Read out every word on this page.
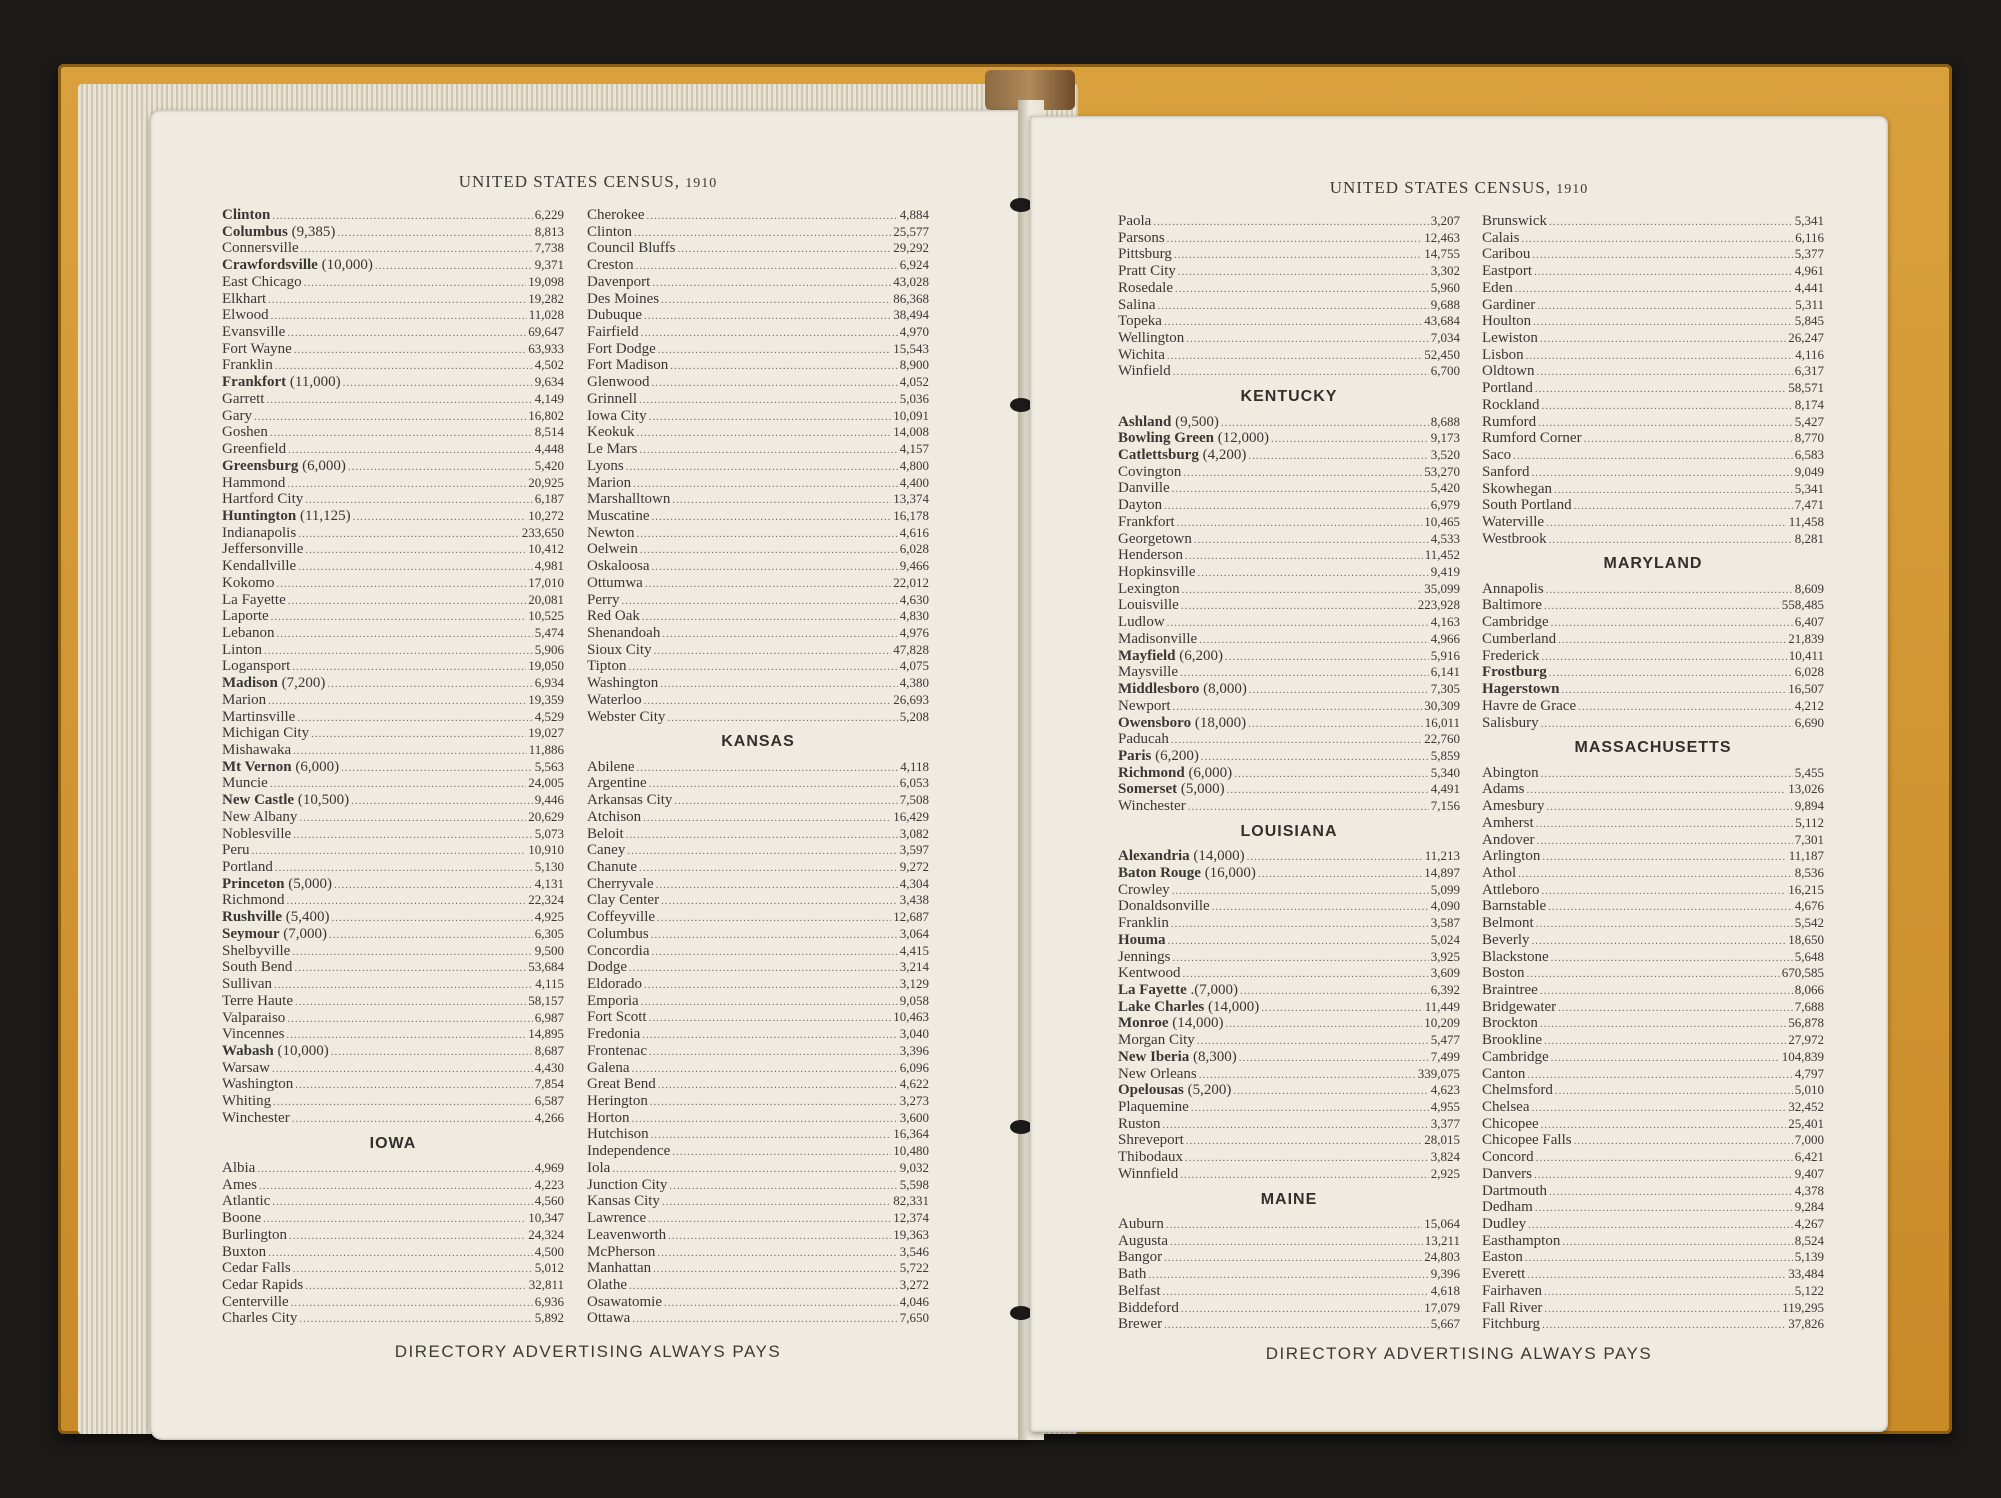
UNITED STATES CENSUS, 1910
Clinton .....	6,229
Columbus (9,385) .....	8,813
Connersville .....	7,738
Crawfordsville (10,000) .....	9,371
East Chicago .....	19,098
Elkhart .....	19,282
Elwood .....	11,028
Evansville .....	69,647
Fort Wayne .....	63,933
Franklin .....	4,502
Frankfort (11,000) .....	9,634
Garrett .....	4,149
Gary .....	16,802
Goshen .....	8,514
Greenfield .....	4,448
Greensburg (6,000) .....	5,420
Hammond .....	20,925
Hartford City .....	6,187
Huntington (11,125) .....	10,272
Indianapolis .....	233,650
Jeffersonville .....	10,412
Kendallville .....	4,981
Kokomo .....	17,010
La Fayette .....	20,081
Laporte .....	10,525
Lebanon .....	5,474
Linton .....	5,906
Logansport .....	19,050
Madison (7,200) .....	6,934
Marion .....	19,359
Martinsville .....	4,529
Michigan City .....	19,027
Mishawaka .....	11,886
Mt Vernon (6,000) .....	5,563
Muncie .....	24,005
New Castle (10,500) .....	9,446
New Albany .....	20,629
Noblesville .....	5,073
Peru .....	10,910
Portland .....	5,130
Princeton (5,000) .....	4,131
Richmond .....	22,324
Rushville (5,400) .....	4,925
Seymour (7,000) .....	6,305
Shelbyville .....	9,500
South Bend .....	53,684
Sullivan .....	4,115
Terre Haute .....	58,157
Valparaiso .....	6,987
Vincennes .....	14,895
Wabash (10,000) .....	8,687
Warsaw .....	4,430
Washington .....	7,854
Whiting .....	6,587
Winchester .....	4,266
IOWA
Albia .....	4,969
Ames .....	4,223
Atlantic .....	4,560
Boone .....	10,347
Burlington .....	24,324
Buxton .....	4,500
Cedar Falls .....	5,012
Cedar Rapids .....	32,811
Centerville .....	6,936
Charles City .....	5,892
Cherokee .....	4,884
Clinton .....	25,577
Council Bluffs .....	29,292
Creston .....	6,924
Davenport .....	43,028
Des Moines .....	86,368
Dubuque .....	38,494
Fairfield .....	4,970
Fort Dodge .....	15,543
Fort Madison .....	8,900
Glenwood .....	4,052
Grinnell .....	5,036
Iowa City .....	10,091
Keokuk .....	14,008
Le Mars .....	4,157
Lyons .....	4,800
Marion .....	4,400
Marshalltown .....	13,374
Muscatine .....	16,178
Newton .....	4,616
Oelwein .....	6,028
Oskaloosa .....	9,466
Ottumwa .....	22,012
Perry .....	4,630
Red Oak .....	4,830
Shenandoah .....	4,976
Sioux City .....	47,828
Tipton .....	4,075
Washington .....	4,380
Waterloo .....	26,693
Webster City .....	5,208
KANSAS
Abilene .....	4,118
Argentine .....	6,053
Arkansas City .....	7,508
Atchison .....	16,429
Beloit .....	3,082
Caney .....	3,597
Chanute .....	9,272
Cherryvale .....	4,304
Clay Center .....	3,438
Coffeyville .....	12,687
Columbus .....	3,064
Concordia .....	4,415
Dodge .....	3,214
Eldorado .....	3,129
Emporia .....	9,058
Fort Scott .....	10,463
Fredonia .....	3,040
Frontenac .....	3,396
Galena .....	6,096
Great Bend .....	4,622
Herington .....	3,273
Horton .....	3,600
Hutchison .....	16,364
Independence .....	10,480
Iola .....	9,032
Junction City .....	5,598
Kansas City .....	82,331
Lawrence .....	12,374
Leavenworth .....	19,363
McPherson .....	3,546
Manhattan .....	5,722
Olathe .....	3,272
Osawatomie .....	4,046
Ottawa .....	7,650
DIRECTORY ADVERTISING ALWAYS PAYS
UNITED STATES CENSUS, 1910
Paola .....	3,207
Parsons .....	12,463
Pittsburg .....	14,755
Pratt City .....	3,302
Rosedale .....	5,960
Salina .....	9,688
Topeka .....	43,684
Wellington .....	7,034
Wichita .....	52,450
Winfield .....	6,700
KENTUCKY
Ashland (9,500) .....	8,688
Bowling Green (12,000) .....	9,173
Catlettsburg (4,200) .....	3,520
Covington .....	53,270
Danville .....	5,420
Dayton .....	6,979
Frankfort .....	10,465
Georgetown .....	4,533
Henderson .....	11,452
Hopkinsville .....	9,419
Lexington .....	35,099
Louisville .....	223,928
Ludlow .....	4,163
Madisonville .....	4,966
Mayfield (6,200) .....	5,916
Maysville .....	6,141
Middlesboro (8,000) .....	7,305
Newport .....	30,309
Owensboro (18,000) .....	16,011
Paducah .....	22,760
Paris (6,200) .....	5,859
Richmond (6,000) .....	5,340
Somerset (5,000) .....	4,491
Winchester .....	7,156
LOUISIANA
Alexandria (14,000) .....	11,213
Baton Rouge (16,000) .....	14,897
Crowley .....	5,099
Donaldsonville .....	4,090
Franklin .....	3,587
Houma .....	5,024
Jennings .....	3,925
Kentwood .....	3,609
La Fayette .(7,000) .....	6,392
Lake Charles (14,000) .....	11,449
Monroe (14,000) .....	10,209
Morgan City .....	5,477
New Iberia (8,300) .....	7,499
New Orleans .....	339,075
Opelousas (5,200) .....	4,623
Plaquemine .....	4,955
Ruston .....	3,377
Shreveport .....	28,015
Thibodaux .....	3,824
Winnfield .....	2,925
MAINE
Auburn .....	15,064
Augusta .....	13,211
Bangor .....	24,803
Bath .....	9,396
Belfast .....	4,618
Biddeford .....	17,079
Brewer .....	5,667
Brunswick .....	5,341
Calais .....	6,116
Caribou .....	5,377
Eastport .....	4,961
Eden .....	4,441
Gardiner .....	5,311
Houlton .....	5,845
Lewiston .....	26,247
Lisbon .....	4,116
Oldtown .....	6,317
Portland .....	58,571
Rockland .....	8,174
Rumford .....	5,427
Rumford Corner .....	8,770
Saco .....	6,583
Sanford .....	9,049
Skowhegan .....	5,341
South Portland .....	7,471
Waterville .....	11,458
Westbrook .....	8,281
MARYLAND
Annapolis .....	8,609
Baltimore .....	558,485
Cambridge .....	6,407
Cumberland .....	21,839
Frederick .....	10,411
Frostburg .....	6,028
Hagerstown .....	16,507
Havre de Grace .....	4,212
Salisbury .....	6,690
MASSACHUSETTS
Abington .....	5,455
Adams .....	13,026
Amesbury .....	9,894
Amherst .....	5,112
Andover .....	7,301
Arlington .....	11,187
Athol .....	8,536
Attleboro .....	16,215
Barnstable .....	4,676
Belmont .....	5,542
Beverly .....	18,650
Blackstone .....	5,648
Boston .....	670,585
Braintree .....	8,066
Bridgewater .....	7,688
Brockton .....	56,878
Brookline .....	27,972
Cambridge .....	104,839
Canton .....	4,797
Chelmsford .....	5,010
Chelsea .....	32,452
Chicopee .....	25,401
Chicopee Falls .....	7,000
Concord .....	6,421
Danvers .....	9,407
Dartmouth .....	4,378
Dedham .....	9,284
Dudley .....	4,267
Easthampton .....	8,524
Easton .....	5,139
Everett .....	33,484
Fairhaven .....	5,122
Fall River .....	119,295
Fitchburg .....	37,826
DIRECTORY ADVERTISING ALWAYS PAYS
